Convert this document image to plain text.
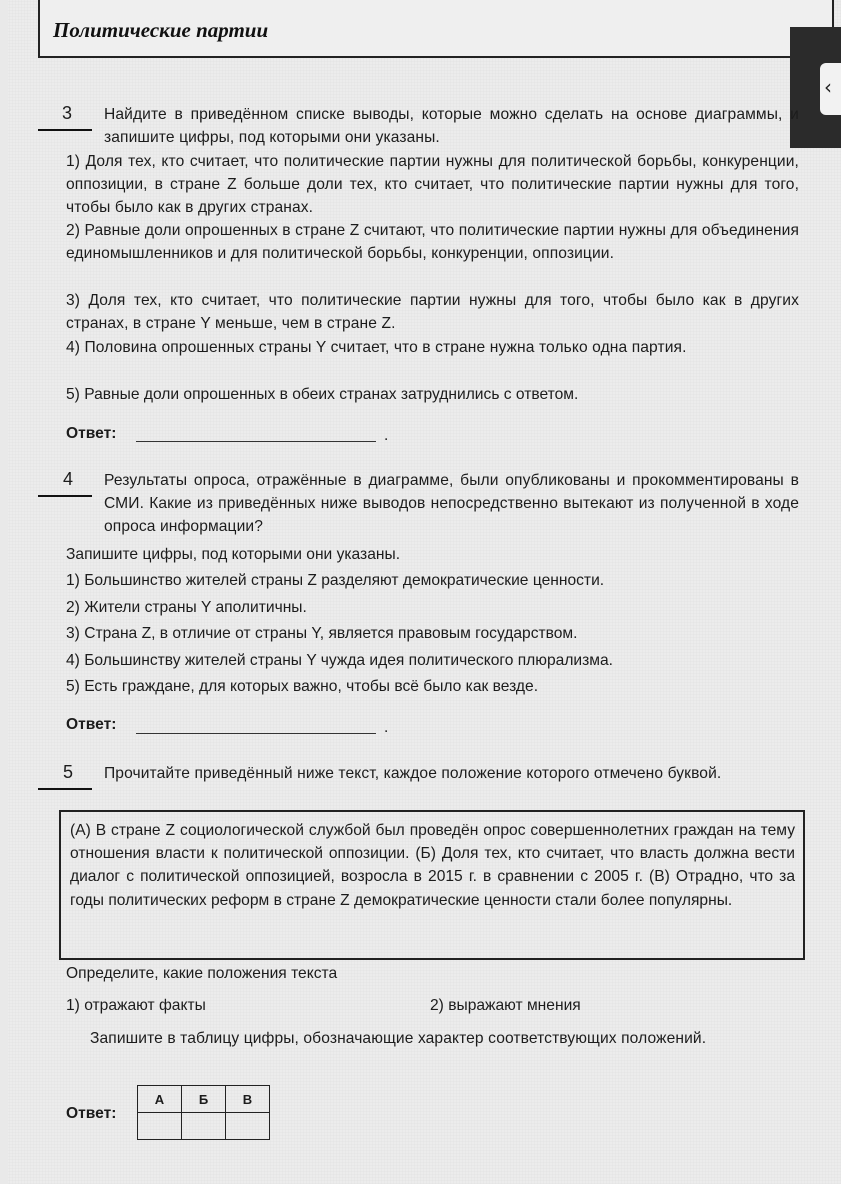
Политические партии
‹
3 Найдите в приведённом списке выводы, которые можно сделать на основе диаграммы, и запишите цифры, под которыми они указаны.
1) Доля тех, кто считает, что политические партии нужны для политической борьбы, конкуренции, оппозиции, в стране Z больше доли тех, кто считает, что политические партии нужны для того, чтобы было как в других странах.
2) Равные доли опрошенных в стране Z считают, что политические партии нужны для объединения единомышленников и для политической борьбы, конкуренции, оппозиции.
3) Доля тех, кто считает, что политические партии нужны для того, чтобы было как в других странах, в стране Y меньше, чем в стране Z.
4) Половина опрошенных страны Y считает, что в стране нужна только одна партия.
5) Равные доли опрошенных в обеих странах затруднились с ответом.
Ответ:	.
4 Результаты опроса, отражённые в диаграмме, были опубликованы и прокомментированы в СМИ. Какие из приведённых ниже выводов непосредственно вытекают из полученной в ходе опроса информации?
Запишите цифры, под которыми они указаны.
1) Большинство жителей страны Z разделяют демократические ценности.
2) Жители страны Y аполитичны.
3) Страна Z, в отличие от страны Y, является правовым государством.
4) Большинству жителей страны Y чужда идея политического плюрализма.
5) Есть граждане, для которых важно, чтобы всё было как везде.
Ответ:	.
5 Прочитайте приведённый ниже текст, каждое положение которого отмечено буквой.
(А) В стране Z социологической службой был проведён опрос совершеннолетних граждан на тему отношения власти к политической оппозиции. (Б) Доля тех, кто считает, что власть должна вести диалог с политической оппозицией, возросла в 2015 г. в сравнении с 2005 г. (В) Отрадно, что за годы политических реформ в стране Z демократические ценности стали более популярны.
Определите, какие положения текста
1) отражают факты	2) выражают мнения
Запишите в таблицу цифры, обозначающие характер соответствующих положений.
Ответ:
А	Б	В
